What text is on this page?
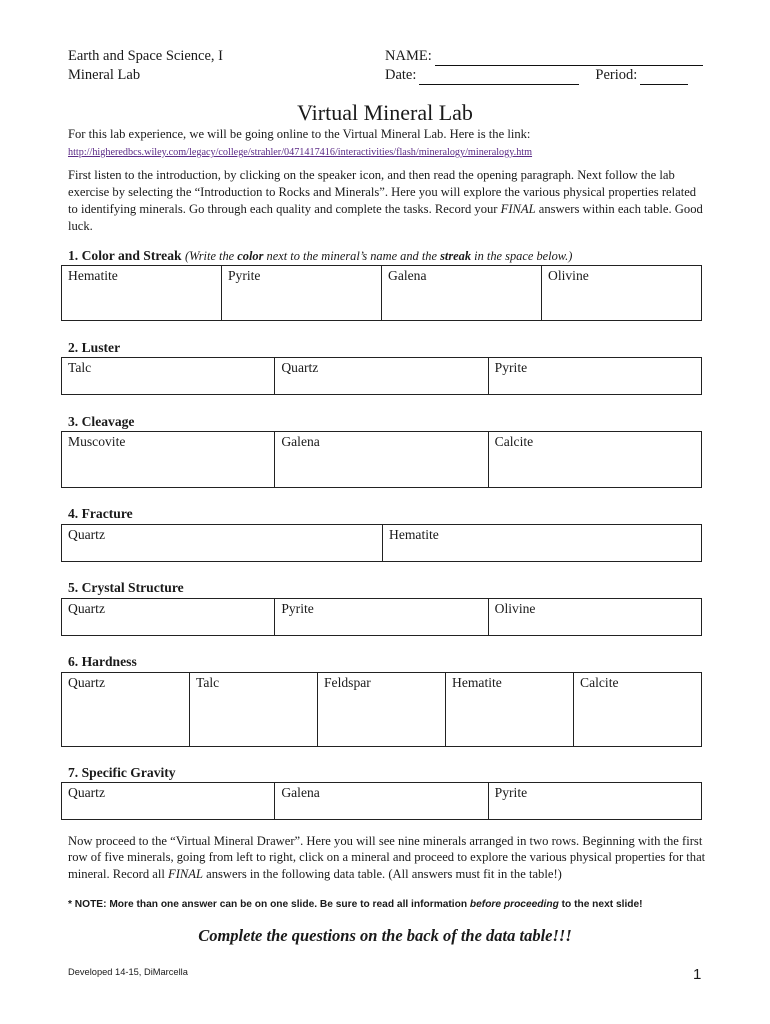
Earth and Space Science, I
Mineral Lab
NAME:
Date:	Period:
Virtual Mineral Lab
For this lab experience, we will be going online to the Virtual Mineral Lab. Here is the link:
http://higheredbcs.wiley.com/legacy/college/strahler/0471417416/interactivities/flash/mineralogy/mineralogy.htm
First listen to the introduction, by clicking on the speaker icon, and then read the opening paragraph. Next follow the lab exercise by selecting the “Introduction to Rocks and Minerals”. Here you will explore the various physical properties related to identifying minerals. Go through each quality and complete the tasks. Record your FINAL answers within each table. Good luck.
1. Color and Streak (Write the color next to the mineral’s name and the streak in the space below.)
Hematite	Pyrite	Galena	Olivine
2. Luster
Talc	Quartz	Pyrite
3. Cleavage
Muscovite	Galena	Calcite
4. Fracture
Quartz	Hematite
5. Crystal Structure
Quartz	Pyrite	Olivine
6. Hardness
Quartz	Talc	Feldspar	Hematite	Calcite
7. Specific Gravity
Quartz	Galena	Pyrite
Now proceed to the “Virtual Mineral Drawer”. Here you will see nine minerals arranged in two rows. Beginning with the first row of five minerals, going from left to right, click on a mineral and proceed to explore the various physical properties for that mineral. Record all FINAL answers in the following data table. (All answers must fit in the table!)
* NOTE: More than one answer can be on one slide. Be sure to read all information before proceeding to the next slide!
Complete the questions on the back of the data table!!!
Developed 14-15, DiMarcella	1
